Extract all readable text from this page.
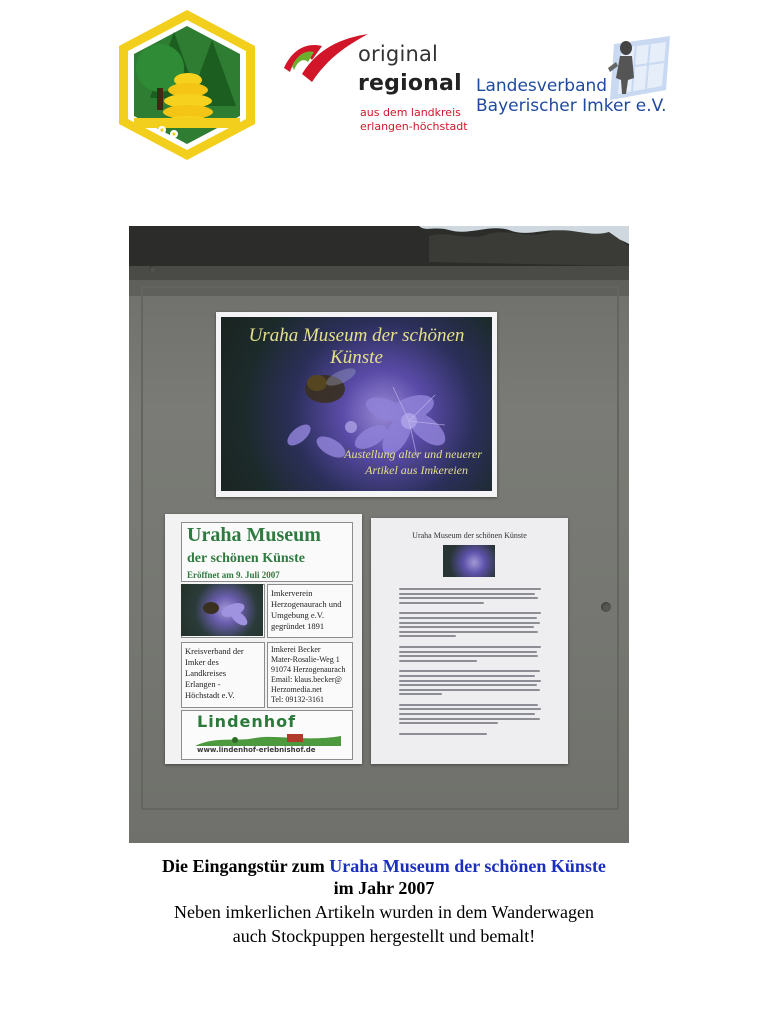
original
regional
aus dem landkreis
erlangen-höchstadt
Landesverband
Bayerischer Imker e.V.
Uraha Museum der schönen Künste
Austellung alter und neuerer
Artikel aus Imkereien
Uraha Museum
der schönen Künste
Eröffnet am 9. Juli 2007
Imkerverein
Herzogenaurach und
Umgebung e.V.
gegründet 1891
Kreisverband der
Imker des
Landkreises
Erlangen -
Höchstadt e.V.
Imkerei Becker
Mater-Rosalie-Weg 1
91074 Herzogenaurach
Email: klaus.becker@
Herzomedia.net
Tel: 09132-3161
Lindenhof
www.lindenhof-erlebnishof.de
Uraha Museum der schönen Künste
Die Eingangstür zum Uraha Museum der schönen Künste
im Jahr 2007
Neben imkerlichen Artikeln wurden in dem Wanderwagen
auch Stockpuppen hergestellt und bemalt!
